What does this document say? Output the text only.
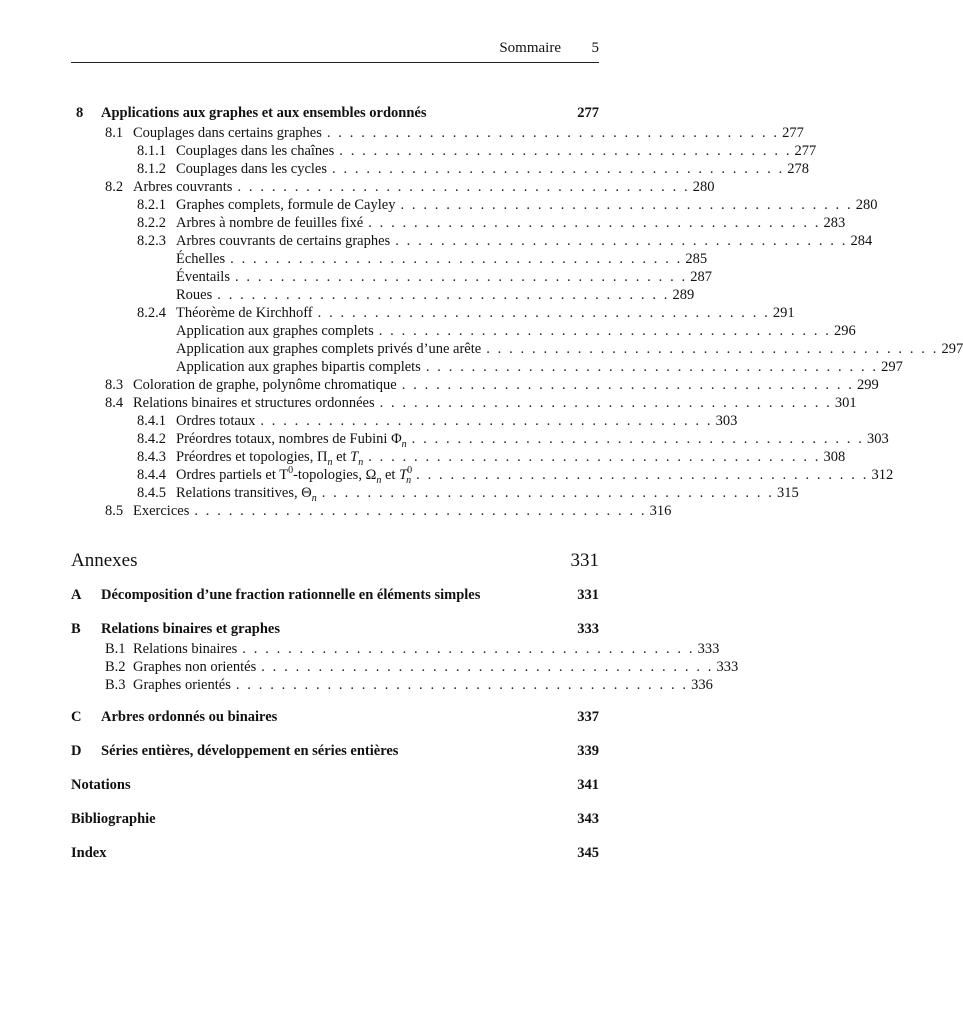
Sommaire 5
8	Applications aux graphes et aux ensembles ordonnés	277
8.1 Couplages dans certains graphes . . . . . . . . . . . . . . . . . . . . . . . . . . . . . . . . . . . . . . . . 277
8.1.1 Couplages dans les chaînes . . . . . . . . . . . . . . . . . . . . . . . . . . . . . . . . . . . . . . . . 277
8.1.2 Couplages dans les cycles . . . . . . . . . . . . . . . . . . . . . . . . . . . . . . . . . . . . . . . . 278
8.2 Arbres couvrants . . . . . . . . . . . . . . . . . . . . . . . . . . . . . . . . . . . . . . . . 280
8.2.1 Graphes complets, formule de Cayley . . . . . . . . . . . . . . . . . . . . . . . . . . . . . . . . . . . . . . . . 280
8.2.2 Arbres à nombre de feuilles fixé . . . . . . . . . . . . . . . . . . . . . . . . . . . . . . . . . . . . . . . . 283
8.2.3 Arbres couvrants de certains graphes . . . . . . . . . . . . . . . . . . . . . . . . . . . . . . . . . . . . . . . . 284
Échelles . . . . . . . . . . . . . . . . . . . . . . . . . . . . . . . . . . . . . . . . 285
Éventails . . . . . . . . . . . . . . . . . . . . . . . . . . . . . . . . . . . . . . . . 287
Roues . . . . . . . . . . . . . . . . . . . . . . . . . . . . . . . . . . . . . . . . 289
8.2.4 Théorème de Kirchhoff . . . . . . . . . . . . . . . . . . . . . . . . . . . . . . . . . . . . . . . . 291
Application aux graphes complets . . . . . . . . . . . . . . . . . . . . . . . . . . . . . . . . . . . . . . . . 296
Application aux graphes complets privés d’une arête . . . . . . . . . . . . . . . . . . . . . . . . . . . . . . . . . . . . . . . . 297
Application aux graphes bipartis complets . . . . . . . . . . . . . . . . . . . . . . . . . . . . . . . . . . . . . . . . 297
8.3 Coloration de graphe, polynôme chromatique . . . . . . . . . . . . . . . . . . . . . . . . . . . . . . . . . . . . . . . . 299
8.4 Relations binaires et structures ordonnées . . . . . . . . . . . . . . . . . . . . . . . . . . . . . . . . . . . . . . . . 301
8.4.1 Ordres totaux . . . . . . . . . . . . . . . . . . . . . . . . . . . . . . . . . . . . . . . . 303
8.4.2 Préordres totaux, nombres de Fubini $\Phi_n$ . . . . . . . . . . . . . . . . . . . . . . . . . . . . . . . . . . . . . . . . 303
8.4.3 Préordres et topologies, $\Pi_n$ et $T_n$ . . . . . . . . . . . . . . . . . . . . . . . . . . . . . . . . . . . . . . . . 308
8.4.4 Ordres partiels et $T^0$-topologies, $\Omega_n$ et $T^0_n$ . . . . . . . . . . . . . . . . . . . . . . . . . . . . . . . . . . . . . . . . 312
8.4.5 Relations transitives, $\Theta_n$ . . . . . . . . . . . . . . . . . . . . . . . . . . . . . . . . . . . . . . . . 315
8.5 Exercices . . . . . . . . . . . . . . . . . . . . . . . . . . . . . . . . . . . . . . . . 316
Annexes	331
A	Décomposition d’une fraction rationnelle en éléments simples	331
B	Relations binaires et graphes	333
B.1 Relations binaires . . . . . . . . . . . . . . . . . . . . . . . . . . . . . . . . . . . . . . . . 333
B.2 Graphes non orientés . . . . . . . . . . . . . . . . . . . . . . . . . . . . . . . . . . . . . . . . 333
B.3 Graphes orientés . . . . . . . . . . . . . . . . . . . . . . . . . . . . . . . . . . . . . . . . 336
C	Arbres ordonnés ou binaires	337
D	Séries entières, développement en séries entières	339
Notations	341
Bibliographie	343
Index	345
